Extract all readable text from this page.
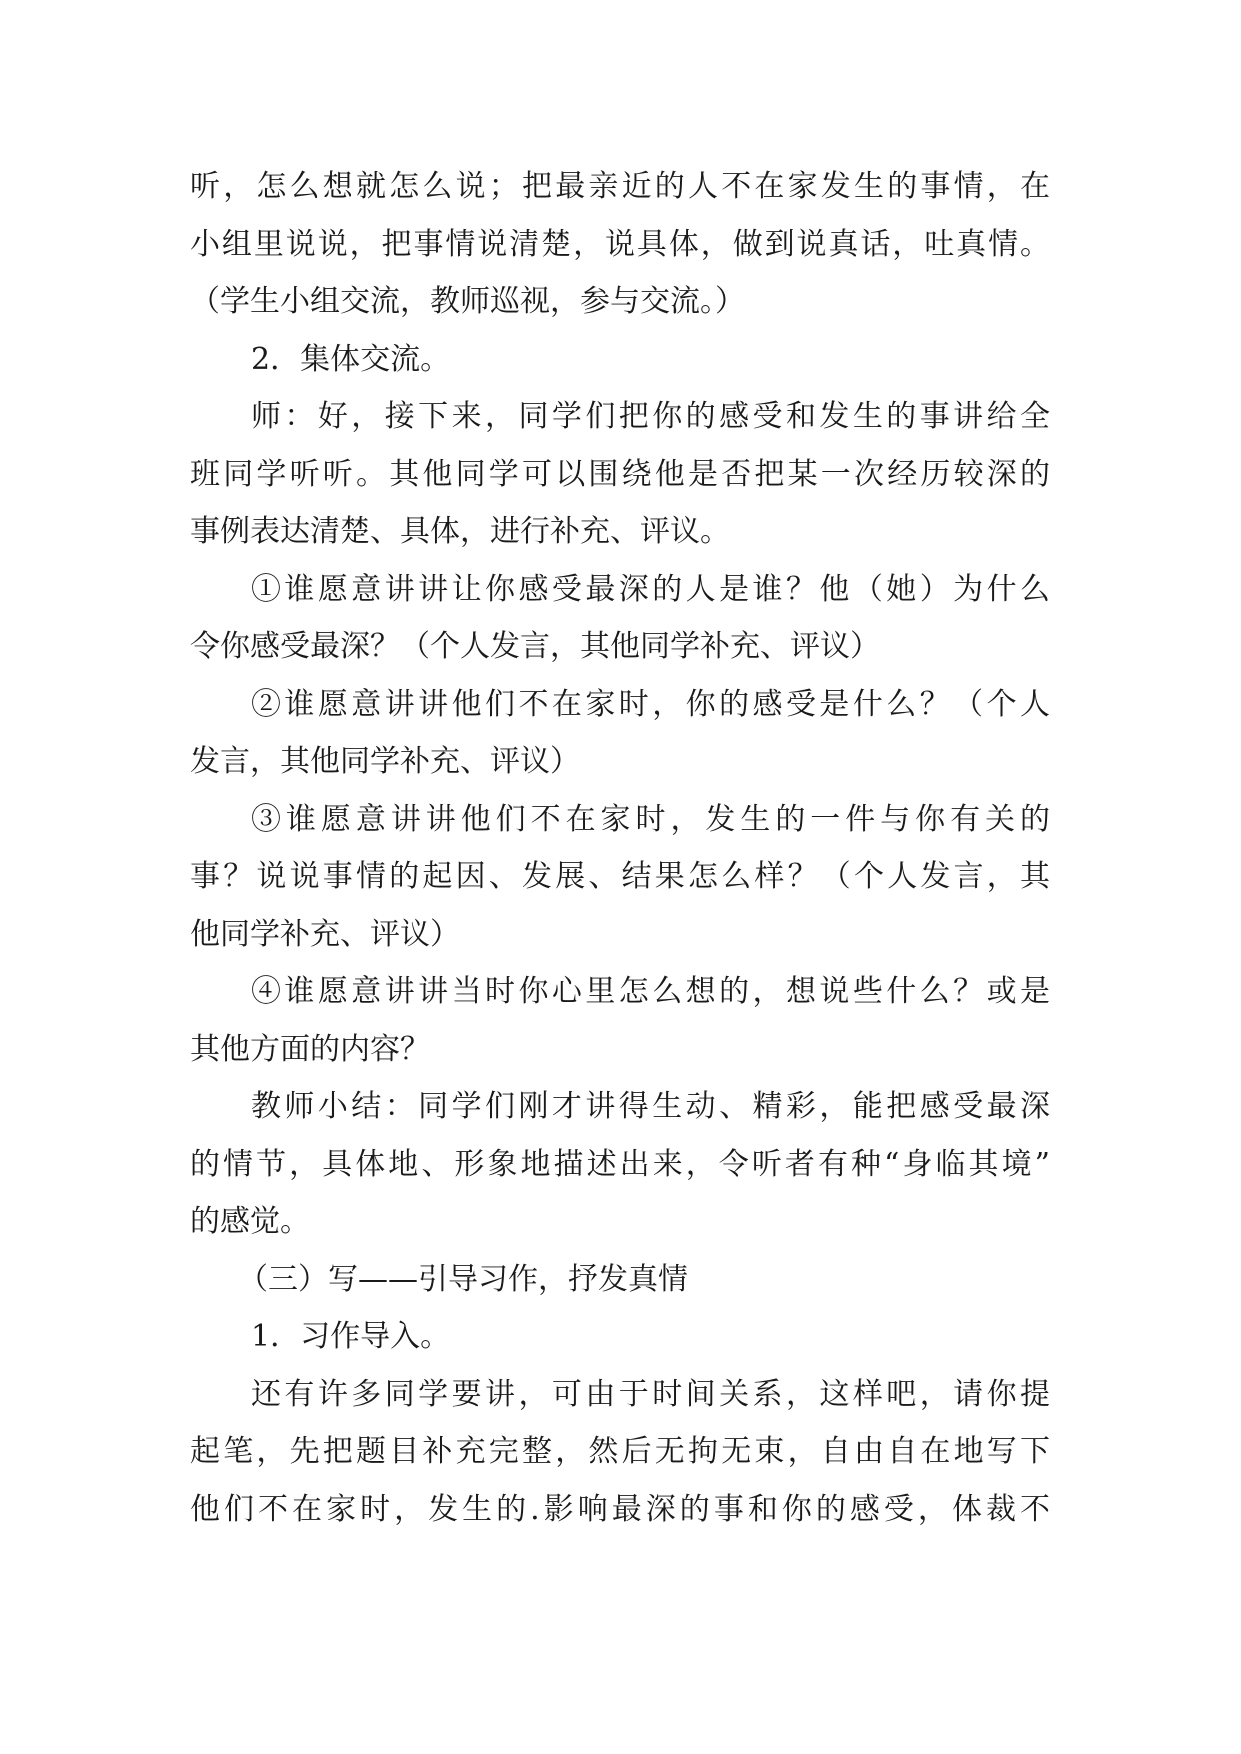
听，怎么想就怎么说；把最亲近的人不在家发生的事情，在
小组里说说，把事情说清楚，说具体，做到说真话，吐真情。
（学生小组交流，教师巡视，参与交流。）
2．集体交流。
师：好，接下来，同学们把你的感受和发生的事讲给全
班同学听听。其他同学可以围绕他是否把某一次经历较深的
事例表达清楚、具体，进行补充、评议。
①谁愿意讲讲让你感受最深的人是谁？他（她）为什么
令你感受最深？（个人发言，其他同学补充、评议）
②谁愿意讲讲他们不在家时，你的感受是什么？（个人
发言，其他同学补充、评议）
③谁愿意讲讲他们不在家时，发生的一件与你有关的
事？说说事情的起因、发展、结果怎么样？（个人发言，其
他同学补充、评议）
④谁愿意讲讲当时你心里怎么想的，想说些什么？或是
其他方面的内容？
教师小结：同学们刚才讲得生动、精彩，能把感受最深
的情节，具体地、形象地描述出来，令听者有种“身临其境”
的感觉。
（三）写——引导习作，抒发真情
1．习作导入。
还有许多同学要讲，可由于时间关系，这样吧，请你提
起笔，先把题目补充完整，然后无拘无束，自由自在地写下
他们不在家时，发生的.影响最深的事和你的感受，体裁不
